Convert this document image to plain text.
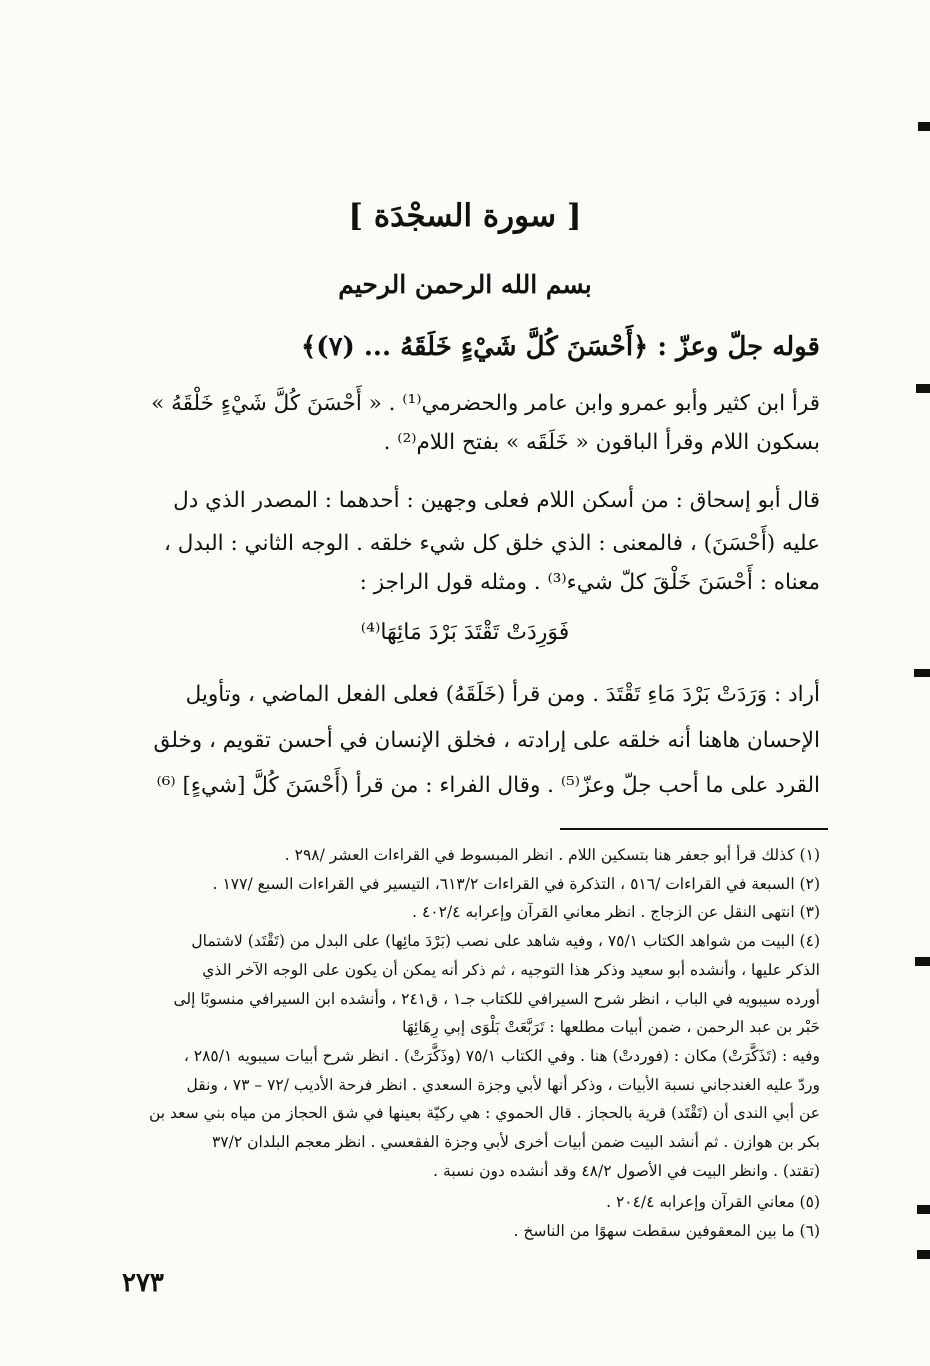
[ سورة السجْدَة ]
بسم الله الرحمن الرحيم
قوله جلّ وعزّ : ﴿أَحْسَنَ كُلَّ شَيْءٍ خَلَقَهُ ... (٧)﴾
قرأ ابن كثير وأبو عمرو وابن عامر والحضرمي⁽¹⁾ . « أَحْسَنَ كُلَّ شَيْءٍ خَلْقَهُ »
بسكون اللام وقرأ الباقون « خَلَقَه » بفتح اللام⁽²⁾ .
قال أبو إسحاق : من أسكن اللام فعلى وجهين : أحدهما : المصدر الذي دل
عليه (أَحْسَنَ) ، فالمعنى : الذي خلق كل شيء خلقه . الوجه الثاني : البدل ،
معناه : أَحْسَنَ خَلْقَ كلّ شيء⁽³⁾ . ومثله قول الراجز :
فَوَرِدَتْ تَقْتَدَ بَرْدَ مَائِهَا⁽⁴⁾
أراد : وَرَدَتْ بَرْدَ مَاءِ تَقْتَدَ . ومن قرأ (خَلَقَهُ) فعلى الفعل الماضي ، وتأويل
الإحسان هاهنا أنه خلقه على إرادته ، فخلق الإنسان في أحسن تقويم ، وخلق
القرد على ما أحب جلّ وعزّ⁽⁵⁾ . وقال الفراء : من قرأ (أَحْسَنَ كُلَّ [شيءٍ] ⁽⁶⁾
(١) كذلك قرأ أبو جعفر هنا بتسكين اللام . انظر المبسوط في القراءات العشر /٢٩٨ .
(٢) السبعة في القراءات /٥١٦ ، التذكرة في القراءات ٦١٣/٢، التيسير في القراءات السبع /١٧٧ .
(٣) انتهى النقل عن الزجاج . انظر معاني القرآن وإعرابه ٤٠٢/٤ .
(٤) البيت من شواهد الكتاب ٧٥/١ ، وفيه شاهد على نصب (بَرْدَ مائِها) على البدل من (تَقْتَد) لاشتمال
الذكر عليها ، وأنشده أبو سعيد وذكر هذا التوجيه ، ثم ذكر أنه يمكن أن يكون على الوجه الآخر الذي
أورده سيبويه في الباب ، انظر شرح السيرافي للكتاب جـ١ ، ق٢٤١ ، وأنشده ابن السيرافي منسوبًا إلى
حَبْر بن عبد الرحمن ، ضمن أبيات مطلعها : تَرَبَّعَتْ بَلْوَى إبي رِهَائِهَا
وفيه : (تَذَكَّرَتْ) مكان : (فوردتْ) هنا . وفي الكتاب ٧٥/١ (وذَكَّرَتْ) . انظر شرح أبيات سيبويه ٢٨٥/١ ،
وردّ عليه الغندجاني نسبة الأبيات ، وذكر أنها لأبي وجزة السعدي . انظر فرحة الأديب /٧٢ – ٧٣ ، ونقل
عن أبي الندى أن (تَقْتَد) قرية بالحجاز . قال الحموي : هي ركيّة بعينها في شق الحجاز من مياه بني سعد بن
بكر بن هوازن . ثم أنشد البيت ضمن أبيات أخرى لأبي وجزة الفقعسي . انظر معجم البلدان ٣٧/٢
(تقتد) . وانظر البيت في الأصول ٤٨/٢ وقد أنشده دون نسبة .
(٥) معاني القرآن وإعرابه ٢٠٤/٤ .
(٦) ما بين المعقوفين سقطت سهوًا من الناسخ .
٢٧٣
